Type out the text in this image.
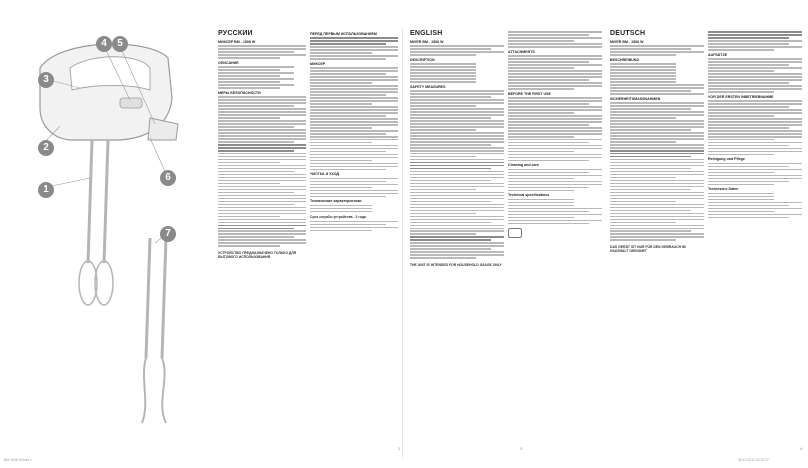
3
2
1
4	5
6
7
РУССКИЙ
МИКСЕР BM - 1508 W
ОПИСАНИЕ
МЕРЫ БЕЗОПАСНОСТИ

УСТРОЙСТВО ПРЕДНАЗНАЧЕНО ТОЛЬКО ДЛЯ БЫТОВОГО ИСПОЛЬЗОВАНИЯ

ПЕРЕД ПЕРВЫМ ИСПОЛЬЗОВАНИЕМ
МИКСЕР
ЧИСТКА И УХОД
Технические характеристики

Срок службы устройства - 3 года

ENGLISH
MIXER BM - 1508 W
DESCRIPTION
SAFETY MEASURES

THE UNIT IS INTENDED FOR HOUSEHOLD USAGE ONLY

ATTACHMENTS
BEFORE THE FIRST USE
Cleaning and care
Technical specifications
DEUTSCH
MIXER BM - 1508 W
BESCHREIBUNG
SICHERHEITSMASSNAHMEN

DAS GERÄT IST NUR FÜR DEN GEBRAUCH IM HAUSHALT GEEIGNET

AUFSÄTZE
VOR DER ERSTEN INBETRIEBNAHME
Reinigung und Pflege
Technische Daten
2	3	4
BM-1508 W.indd 1	08.12.2011 16:29:27
